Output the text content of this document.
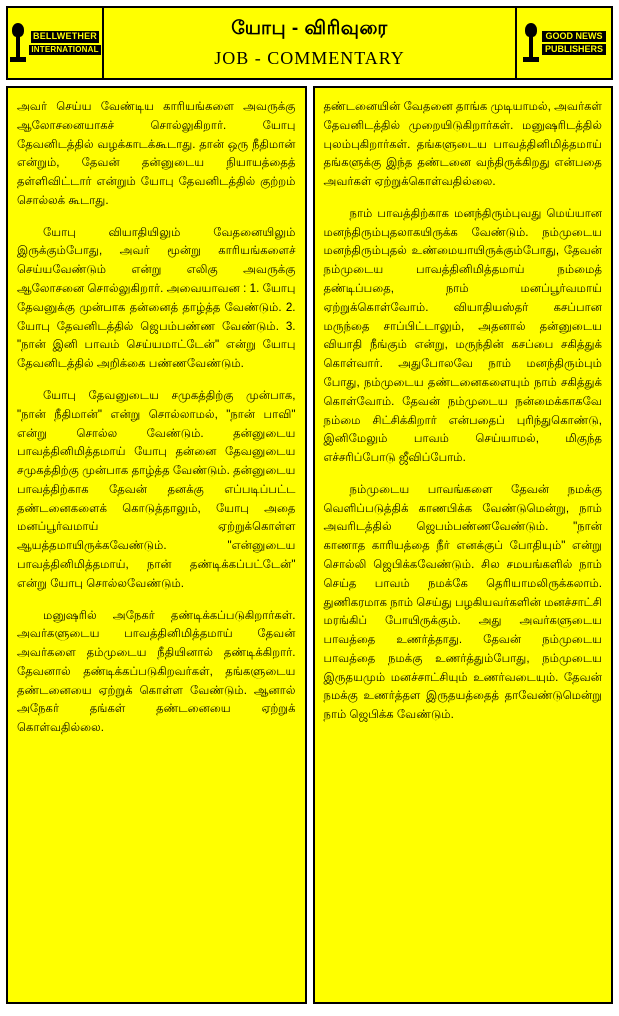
BELLWETHER
INTERNATIONAL
யோபு - விரிவுரை
JOB - COMMENTARY
GOOD NEWS
PUBLISHERS

அவர் செய்ய வேண்டிய காரியங்களை அவருக்கு ஆலோசனையாகச் சொல்லுகிறார். யோபு தேவனிடத்தில் வழக்காடக்கூடாது. தான் ஒரு நீதிமான் என்றும், தேவன் தன்னுடைய நியாயத்தைத் தள்ளிவிட்டார் என்றும் யோபு தேவனிடத்தில் குற்றம் சொல்லக் கூடாது.

யோபு வியாதியிலும் வேதனையிலும் இருக்கும்போது, அவர் மூன்று காரியங்களைச் செய்யவேண்டும் என்று எலிகு அவருக்கு ஆலோசனை சொல்லுகிறார். அவையாவன : 1. யோபு தேவனுக்கு முன்பாக தன்னைத் தாழ்த்த வேண்டும். 2. யோபு தேவனிடத்தில் ஜெபம்பண்ண வேண்டும். 3. "நான் இனி பாவம் செய்யமாட்டேன்" என்று யோபு தேவனிடத்தில் அறிக்கை பண்ணவேண்டும்.

யோபு தேவனுடைய சமுகத்திற்கு முன்பாக, "நான் நீதிமான்" என்று சொல்லாமல், "நான் பாவி" என்று சொல்ல வேண்டும். தன்னுடைய பாவத்தினிமித்தமாய் யோபு தன்னை தேவனுடைய சமுகத்திற்கு முன்பாக தாழ்த்த வேண்டும். தன்னுடைய பாவத்திற்காக தேவன் தனக்கு எப்படிப்பட்ட தண்டனைகளைக் கொடுத்தாலும், யோபு அதை மனப்பூர்வமாய் ஏற்றுக்கொள்ள ஆயத்தமாயிருக்கவேண்டும். "என்னுடைய பாவத்தினிமித்தமாய், நான் தண்டிக்கப்பட்டேன்" என்று யோபு சொல்லவேண்டும்.

மனுஷரில் அநேகர் தண்டிக்கப்படுகிறார்கள். அவர்களுடைய பாவத்தினிமித்தமாய் தேவன் அவர்களை தம்முடைய நீதியினால் தண்டிக்கிறார். தேவனால் தண்டிக்கப்படுகிறவர்கள், தங்களுடைய தண்டனையை ஏற்றுக் கொள்ள வேண்டும். ஆனால் அநேகர் தங்கள் தண்டனையை ஏற்றுக் கொள்வதில்லை.

தண்டனையின் வேதனை தாங்க முடியாமல், அவர்கள் தேவனிடத்தில் முறையிடுகிறார்கள். மனுஷரிடத்தில் புலம்புகிறார்கள். தங்களுடைய பாவத்தினிமித்தமாய் தங்களுக்கு இந்த தண்டனை வந்திருக்கிறது என்பதை அவர்கள் ஏற்றுக்கொள்வதில்லை.

நாம் பாவத்திற்காக மனந்திரும்புவது மெய்யான மனந்திரும்புதலாகயிருக்க வேண்டும். நம்முடைய மனந்திரும்புதல் உண்மையாயிருக்கும்போது, தேவன் நம்முடைய பாவத்தினிமித்தமாய் நம்மைத் தண்டிப்பதை, நாம் மனப்பூர்வமாய் ஏற்றுக்கொள்வோம். வியாதியஸ்தர் கசப்பான மருந்தை சாப்பிட்டாலும், அதனால் தன்னுடைய வியாதி நீங்கும் என்று, மருந்தின் கசப்பை சகித்துக் கொள்வார். அதுபோலவே நாம் மனந்திரும்பும் போது, நம்முடைய தண்டனைகளையும் நாம் சகித்துக் கொள்வோம். தேவன் நம்முடைய நன்மைக்காகவே நம்மை சிட்சிக்கிறார் என்பதைப் புரிந்துகொண்டு, இனிமேலும் பாவம் செய்யாமல், மிகுந்த எச்சரிப்போடு ஜீவிப்போம்.

நம்முடைய பாவங்களை தேவன் நமக்கு வெளிப்படுத்திக் காணபிக்க வேண்டுமென்று, நாம் அவரிடத்தில் ஜெபம்பண்ணவேண்டும். "நான் காணாத காரியத்தை நீர் எனக்குப் போதியும்" என்று சொல்லி ஜெபிக்கவேண்டும். சில சமயங்களில் நாம் செய்த பாவம் நமக்கே தெரியாமலிருக்கலாம். துணிகரமாக நாம் செய்து பழகியவர்களின் மனச்சாட்சி மரங்கிப் போயிருக்கும். அது அவர்களுடைய பாவத்தை உணர்த்தாது. தேவன் நம்முடைய பாவத்தை நமக்கு உணர்த்தும்போது, நம்முடைய இருதயமும் மனச்சாட்சியும் உணர்வடையும். தேவன் நமக்கு உணர்த்தள இருதயத்தைத் தாவேண்டுமென்று நாம் ஜெபிக்க வேண்டும்.
